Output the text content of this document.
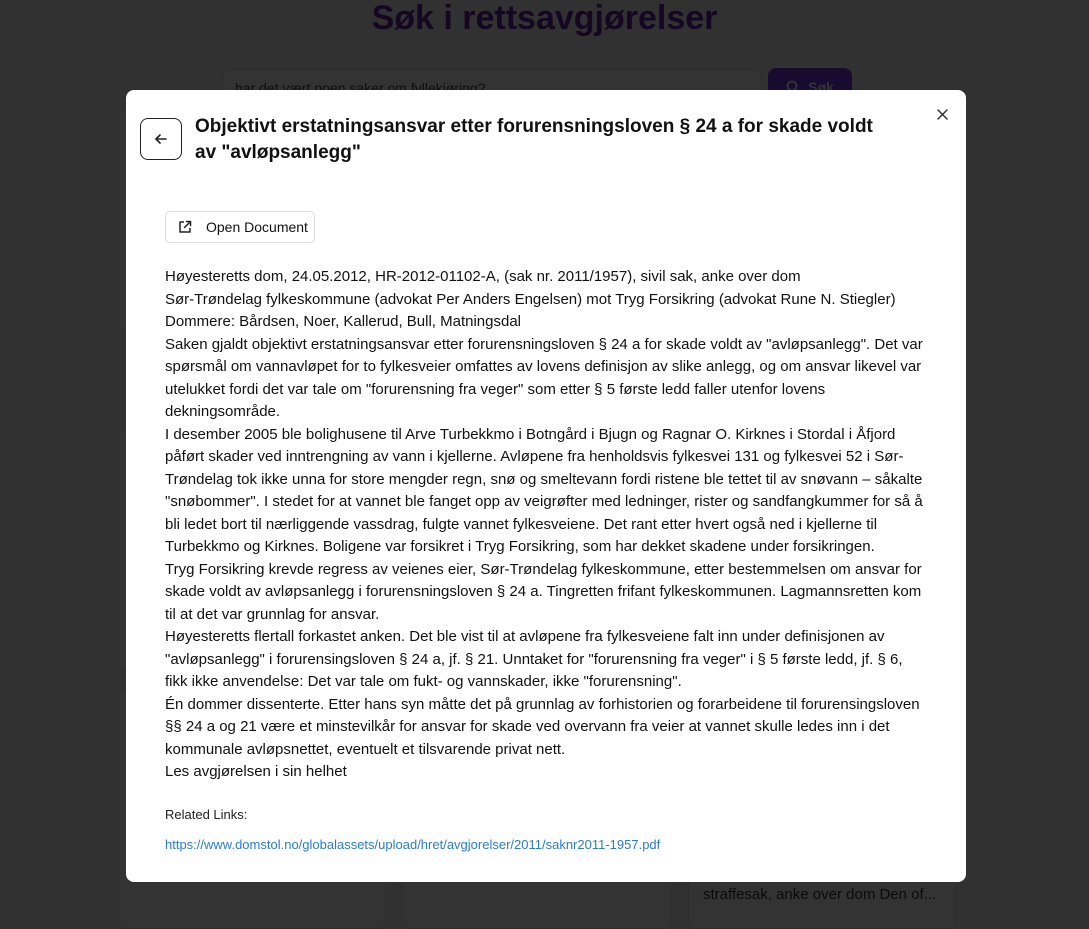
Objektivt erstatningsansvar etter forurensningsloven § 24 a for skade voldt av "avløpsanlegg"
Open Document

Høyesteretts dom, 24.05.2012, HR-2012-01102-A, (sak nr. 2011/1957), sivil sak, anke over dom

Sør-Trøndelag fylkeskommune (advokat Per Anders Engelsen) mot Tryg Forsikring (advokat Rune N. Stiegler)

Dommere: Bårdsen, Noer, Kallerud, Bull, Matningsdal

Saken gjaldt objektivt erstatningsansvar etter forurensningsloven § 24 a for skade voldt av "avløpsanlegg". Det var spørsmål om vannavløpet for to fylkesveier omfattes av lovens definisjon av slike anlegg, og om ansvar likevel var utelukket fordi det var tale om "forurensning fra veger" som etter § 5 første ledd faller utenfor lovens dekningsområde.

I desember 2005 ble bolighusene til Arve Turbekkmo i Botngård i Bjugn og Ragnar O. Kirknes i Stordal i Åfjord påført skader ved inntrengning av vann i kjellerne. Avløpene fra henholdsvis fylkesvei 131 og fylkesvei 52 i Sør-Trøndelag tok ikke unna for store mengder regn, snø og smeltevann fordi ristene ble tettet til av snøvann – såkalte "snøbommer". I stedet for at vannet ble fanget opp av veigrøfter med ledninger, rister og sandfangkummer for så å bli ledet bort til nærliggende vassdrag, fulgte vannet fylkesveiene. Det rant etter hvert også ned i kjellerne til Turbekkmo og Kirknes. Boligene var forsikret i Tryg Forsikring, som har dekket skadene under forsikringen.

Tryg Forsikring krevde regress av veienes eier, Sør-Trøndelag fylkeskommune, etter bestemmelsen om ansvar for skade voldt av avløpsanlegg i forurensningsloven § 24 a. Tingretten frifant fylkeskommunen. Lagmannsretten kom til at det var grunnlag for ansvar.

Høyesteretts flertall forkastet anken. Det ble vist til at avløpene fra fylkesveiene falt inn under definisjonen av "avløpsanlegg" i forurensingsloven § 24 a, jf. § 21. Unntaket for "forurensning fra veger" i § 5 første ledd, jf. § 6, fikk ikke anvendelse: Det var tale om fukt- og vannskader, ikke "forurensning".

Én dommer dissenterte. Etter hans syn måtte det på grunnlag av forhistorien og forarbeidene til forurensingsloven §§ 24 a og 21 være et minstevilkår for ansvar for skade ved overvann fra veier at vannet skulle ledes inn i det kommunale avløpsnettet, eventuelt et tilsvarende privat nett.

Les avgjørelsen i sin helhet

Related Links:
https://www.domstol.no/globalassets/upload/hret/avgjorelser/2011/saknr2011-1957.pdf
